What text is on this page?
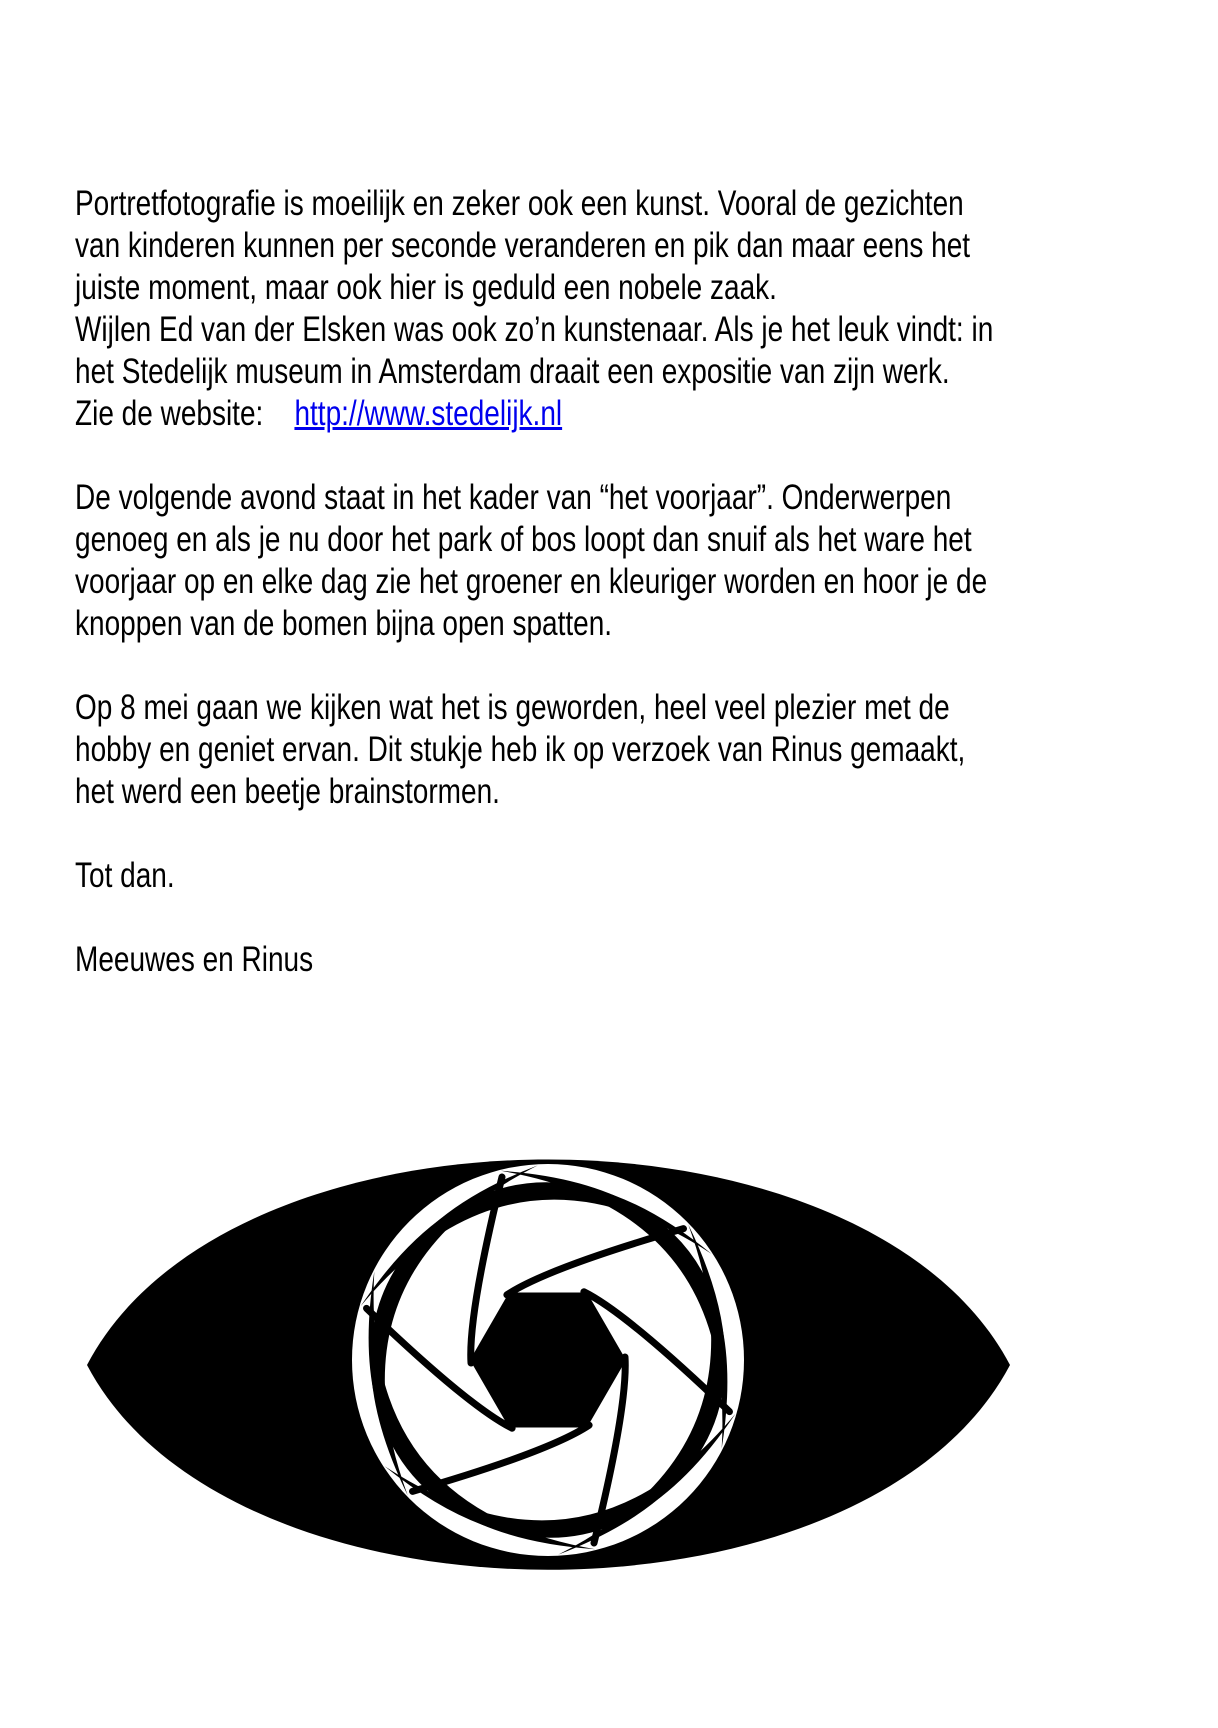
Portretfotografie is moeilijk en zeker ook een kunst. Vooral de gezichten
van kinderen kunnen per seconde veranderen en pik dan maar eens het
juiste moment, maar ook hier is geduld een nobele zaak.
Wijlen Ed van der Elsken was ook zo’n kunstenaar. Als je het leuk vindt: in
het Stedelijk museum in Amsterdam draait een expositie van zijn werk.
Zie de website:    http://www.stedelijk.nl

De volgende avond staat in het kader van “het voorjaar”. Onderwerpen
genoeg en als je nu door het park of bos loopt dan snuif als het ware het
voorjaar op en elke dag zie het groener en kleuriger worden en hoor je de
knoppen van de bomen bijna open spatten.

Op 8 mei gaan we kijken wat het is geworden, heel veel plezier met de
hobby en geniet ervan. Dit stukje heb ik op verzoek van Rinus gemaakt,
het werd een beetje brainstormen.

Tot dan.

Meeuwes en Rinus
